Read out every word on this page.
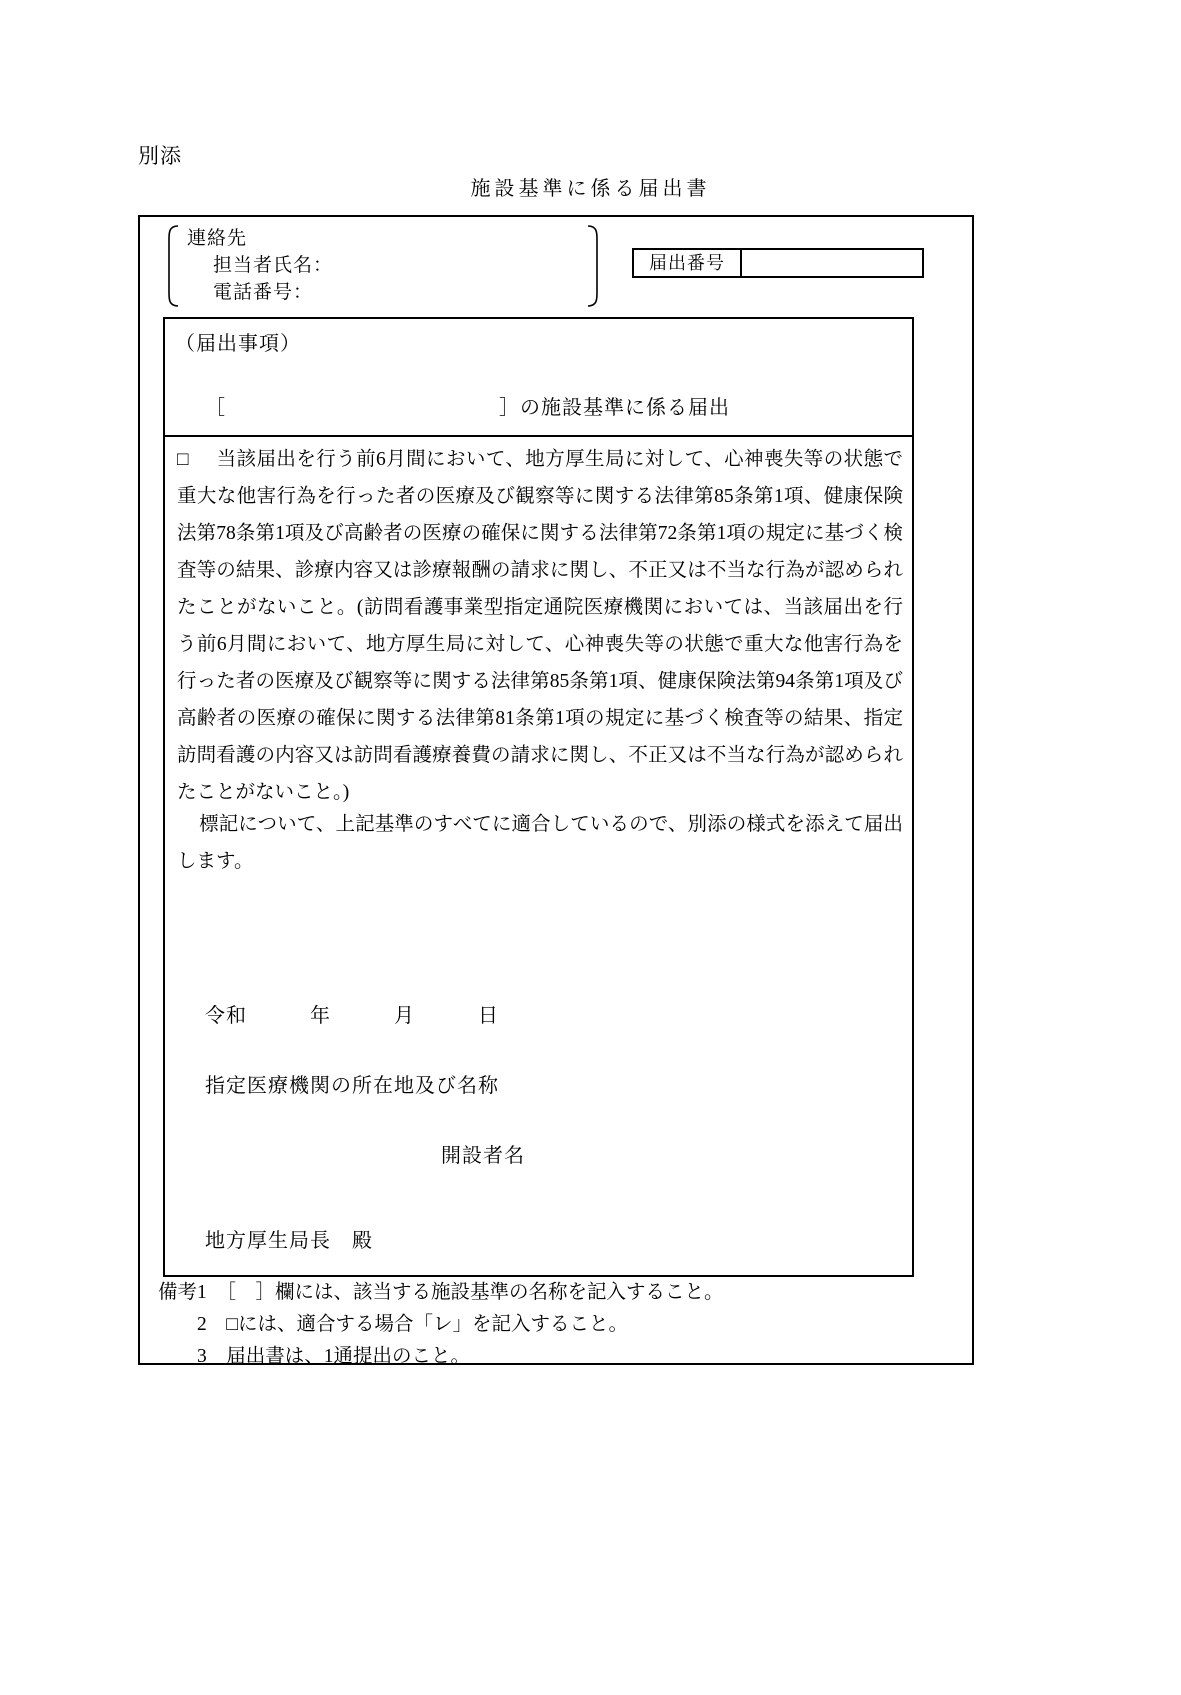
別添
施設基準に係る届出書
連絡先
担当者氏名：
電話番号：
届出番号
（届出事項）
［　　　　　　　　　　　　　］の施設基準に係る届出
□ 当該届出を行う前6月間において、地方厚生局に対して、心神喪失等の状態で重大な他害行為を行った者の医療及び観察等に関する法律第85条第1項、健康保険法第78条第1項及び高齢者の医療の確保に関する法律第72条第1項の規定に基づく検査等の結果、診療内容又は診療報酬の請求に関し、不正又は不当な行為が認められたことがないこと。(訪問看護事業型指定通院医療機関においては、当該届出を行う前6月間において、地方厚生局に対して、心神喪失等の状態で重大な他害行為を行った者の医療及び観察等に関する法律第85条第1項、健康保険法第94条第1項及び高齢者の医療の確保に関する法律第81条第1項の規定に基づく検査等の結果、指定訪問看護の内容又は訪問看護療養費の請求に関し、不正又は不当な行為が認められたことがないこと。)
標記について、上記基準のすべてに適合しているので、別添の様式を添えて届出します。
令和　　　年　　　月　　　日
指定医療機関の所在地及び名称
開設者名
地方厚生局長　殿
備考1　［　］欄には、該当する施設基準の名称を記入すること。
　　2　□には、適合する場合「レ」を記入すること。
　　3　届出書は、1通提出のこと。
